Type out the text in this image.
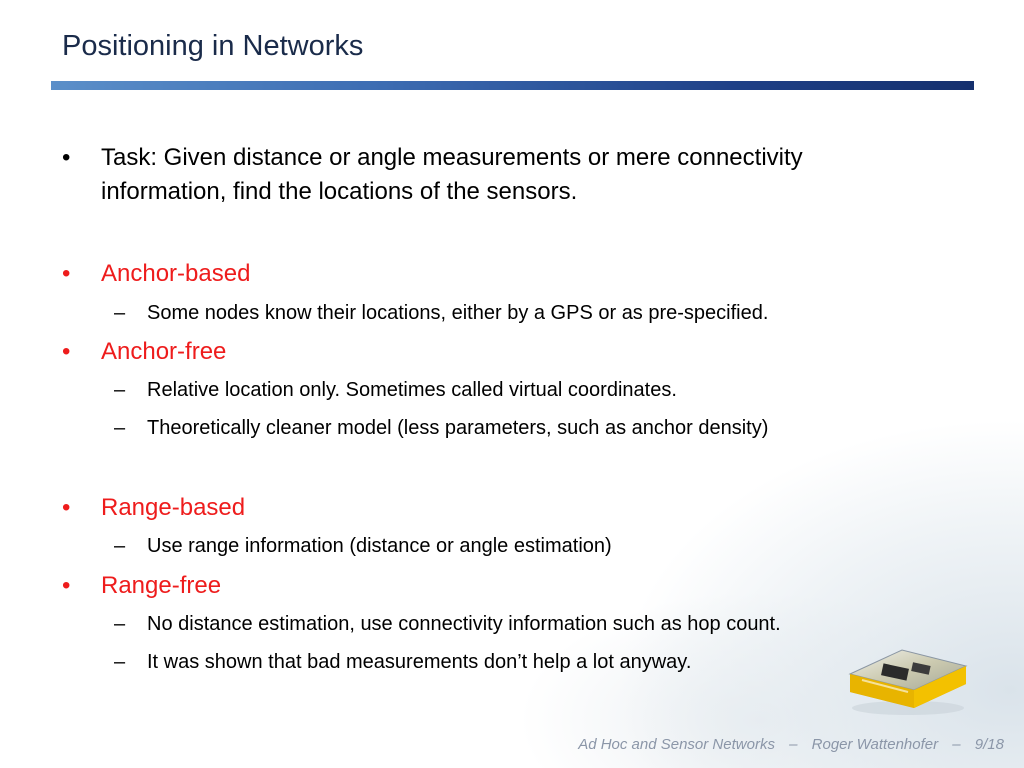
Positioning in Networks
• Task: Given distance or angle measurements or mere connectivity
information, find the locations of the sensors.
• Anchor-based
– Some nodes know their locations, either by a GPS or as pre-specified.
• Anchor-free
– Relative location only. Sometimes called virtual coordinates.
– Theoretically cleaner model (less parameters, such as anchor density)
• Range-based
– Use range information (distance or angle estimation)
• Range-free
– No distance estimation, use connectivity information such as hop count.
– It was shown that bad measurements don’t help a lot anyway.
Ad Hoc and Sensor Networks – Roger Wattenhofer – 9/18
